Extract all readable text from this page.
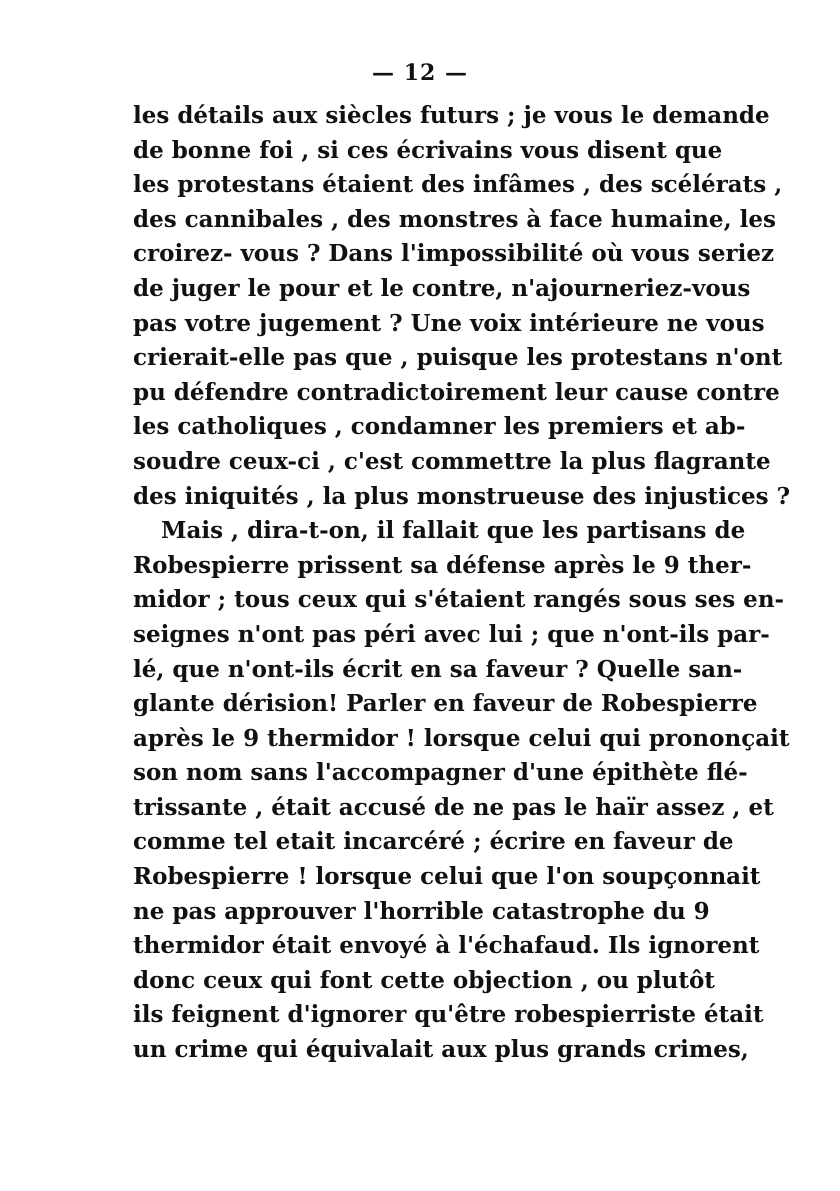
— 12 —
les détails aux siècles futurs ; je vous le demande
de bonne foi , si ces écrivains vous disent que
les protestans étaient des infâmes , des scélérats ,
des cannibales , des monstres à face humaine, les
croirez- vous ? Dans l'impossibilité où vous seriez
de juger le pour et le contre, n'ajourneriez-vous
pas votre jugement ? Une voix intérieure ne vous
crierait-elle pas que , puisque les protestans n'ont
pu défendre contradictoirement leur cause contre
les catholiques , condamner les premiers et ab-
soudre ceux-ci , c'est commettre la plus flagrante
des iniquités , la plus monstrueuse des injustices ?
Mais , dira-t-on, il fallait que les partisans de
Robespierre prissent sa défense après le 9 ther-
midor ; tous ceux qui s'étaient rangés sous ses en-
seignes n'ont pas péri avec lui ; que n'ont-ils par-
lé, que n'ont-ils écrit en sa faveur ? Quelle san-
glante dérision! Parler en faveur de Robespierre
après le 9 thermidor ! lorsque celui qui prononçait
son nom sans l'accompagner d'une épithète flé-
trissante , était accusé de ne pas le haïr assez , et
comme tel etait incarcéré ; écrire en faveur de
Robespierre ! lorsque celui que l'on soupçonnait
ne pas approuver l'horrible catastrophe du 9
thermidor était envoyé à l'échafaud. Ils ignorent
donc ceux qui font cette objection , ou plutôt
ils feignent d'ignorer qu'être robespierriste était
un crime qui équivalait aux plus grands crimes,
